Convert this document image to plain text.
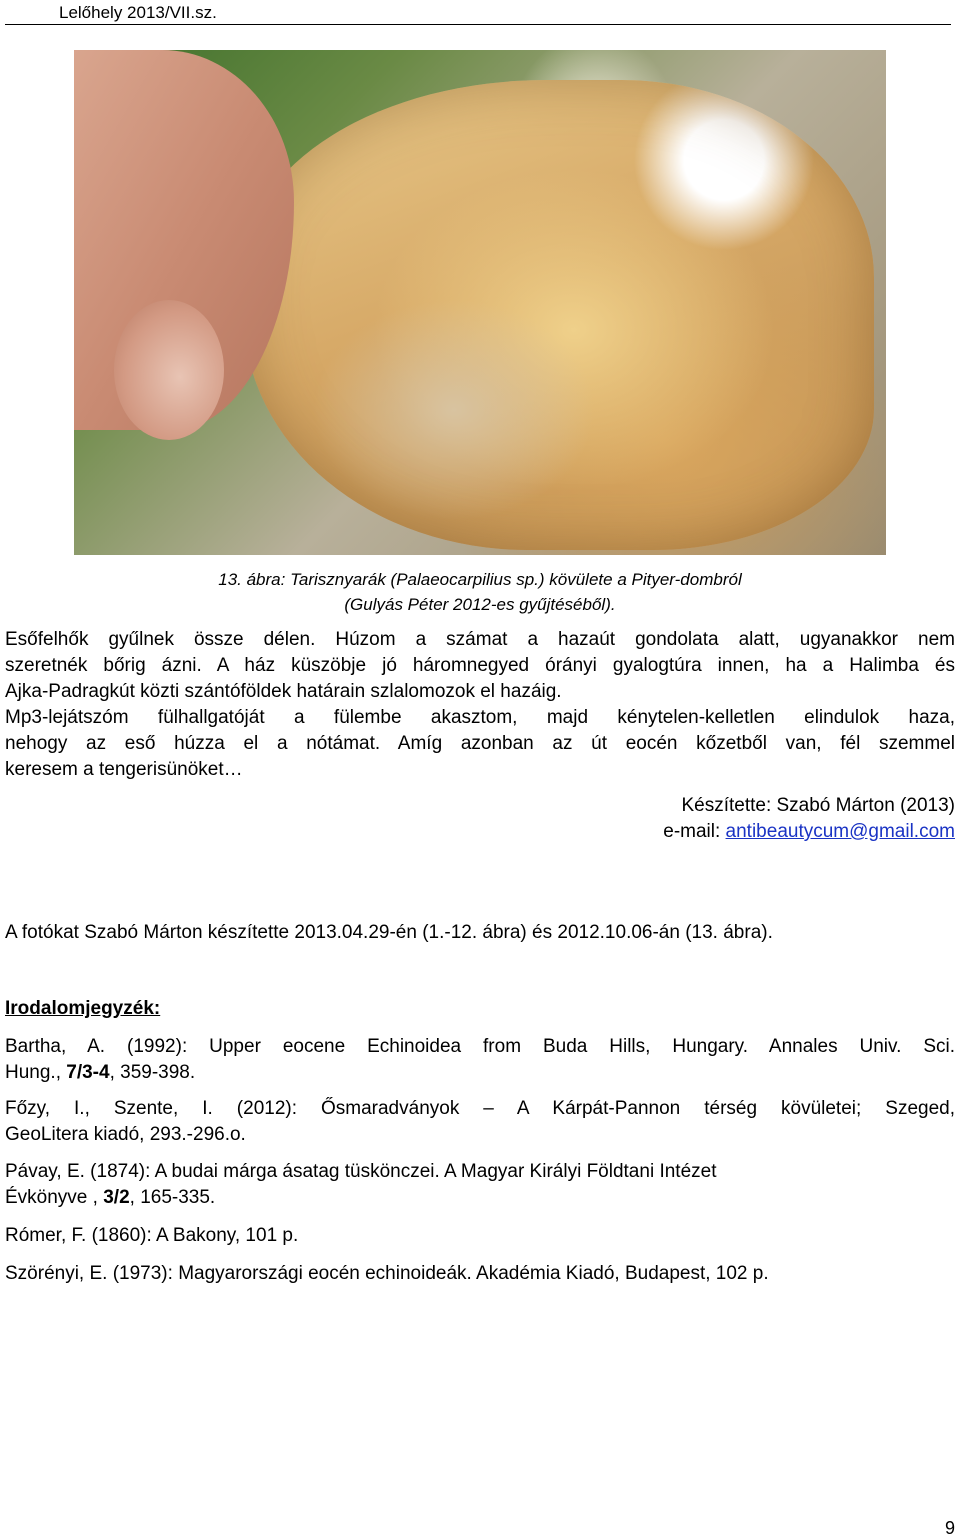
Lelőhely 2013/VII.sz.
13. ábra: Tarisznyarák (Palaeocarpilius sp.) kövülete a Pityer-dombról
(Gulyás Péter 2012-es gyűjtéséből).
Esőfelhők gyűlnek össze délen. Húzom a számat a hazaút gondolata alatt, ugyanakkor nem
szeretnék bőrig ázni. A ház küszöbje jó háromnegyed órányi gyalogtúra innen, ha a Halimba és
Ajka-Padragkút közti szántóföldek határain szlalomozok el hazáig.
Mp3-lejátszóm fülhallgatóját a fülembe akasztom, majd kénytelen-kelletlen elindulok haza,
nehogy az eső húzza el a nótámat. Amíg azonban az út eocén kőzetből van, fél szemmel
keresem a tengerisünöket…
Készítette: Szabó Márton (2013)
e-mail: antibeautycum@gmail.com
A fotókat Szabó Márton készítette 2013.04.29-én (1.-12. ábra) és 2012.10.06-án (13. ábra).
Irodalomjegyzék:
Bartha, A. (1992): Upper eocene Echinoidea from Buda Hills, Hungary. Annales Univ. Sci.
Hung., 7/3-4, 359-398.
Főzy, I., Szente, I. (2012): Ősmaradványok – A Kárpát-Pannon térség kövületei; Szeged,
GeoLitera kiadó, 293.-296.o.
Pávay, E. (1874): A budai márga ásatag tüskönczei. A Magyar Királyi Földtani Intézet
Évkönyve , 3/2, 165-335.
Rómer, F. (1860): A Bakony, 101 p.
Szörényi, E. (1973): Magyarországi eocén echinoideák. Akadémia Kiadó, Budapest, 102 p.
9
